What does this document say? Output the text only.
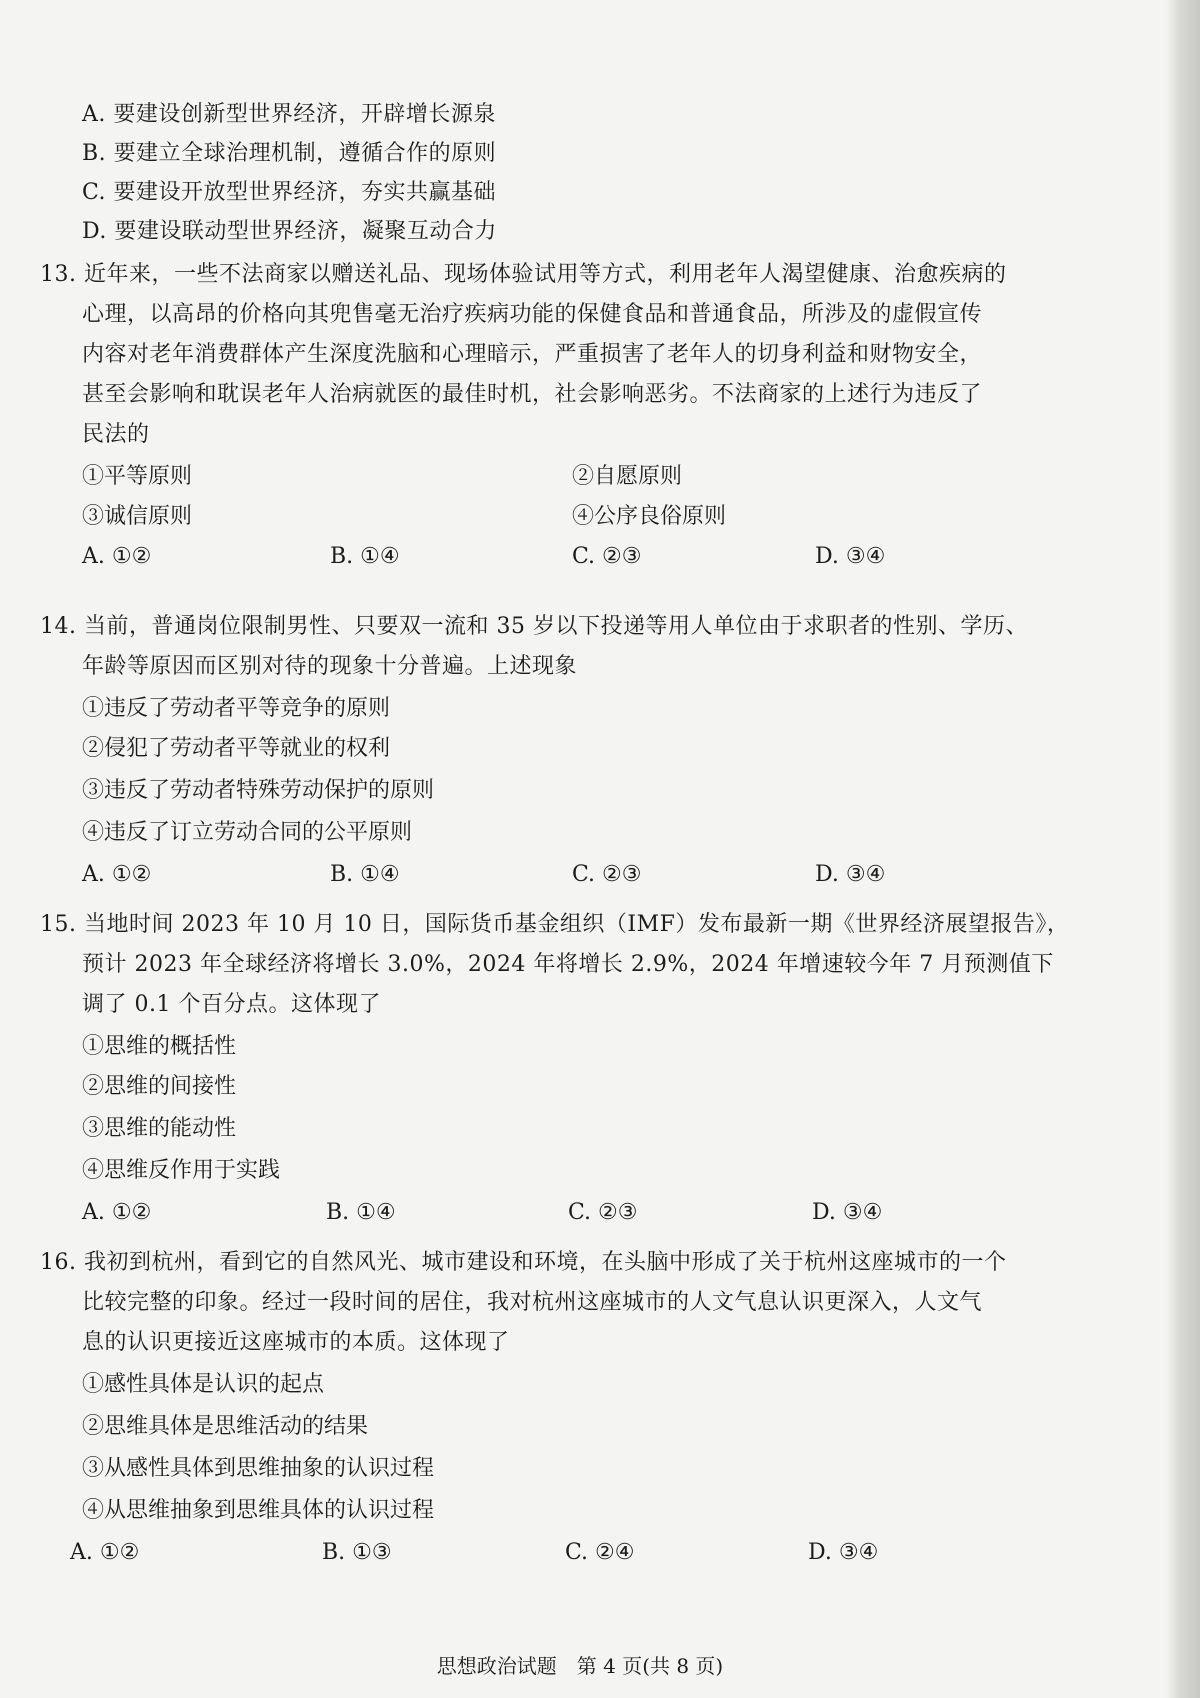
A. 要建设创新型世界经济，开辟增长源泉
B. 要建立全球治理机制，遵循合作的原则
C. 要建设开放型世界经济，夯实共赢基础
D. 要建设联动型世界经济，凝聚互动合力
13. 近年来，一些不法商家以赠送礼品、现场体验试用等方式，利用老年人渴望健康、治愈疾病的
心理，以高昂的价格向其兜售毫无治疗疾病功能的保健食品和普通食品，所涉及的虚假宣传
内容对老年消费群体产生深度洗脑和心理暗示，严重损害了老年人的切身利益和财物安全，
甚至会影响和耽误老年人治病就医的最佳时机，社会影响恶劣。不法商家的上述行为违反了
民法的
①平等原则	②自愿原则
③诚信原则	④公序良俗原则
A. ①②	B. ①④	C. ②③	D. ③④
14. 当前，普通岗位限制男性、只要双一流和 35 岁以下投递等用人单位由于求职者的性别、学历、
年龄等原因而区别对待的现象十分普遍。上述现象
①违反了劳动者平等竞争的原则
②侵犯了劳动者平等就业的权利
③违反了劳动者特殊劳动保护的原则
④违反了订立劳动合同的公平原则
A. ①②	B. ①④	C. ②③	D. ③④
15. 当地时间 2023 年 10 月 10 日，国际货币基金组织（IMF）发布最新一期《世界经济展望报告》，
预计 2023 年全球经济将增长 3.0%，2024 年将增长 2.9%，2024 年增速较今年 7 月预测值下
调了 0.1 个百分点。这体现了
①思维的概括性
②思维的间接性
③思维的能动性
④思维反作用于实践
A. ①②	B. ①④	C. ②③	D. ③④
16. 我初到杭州，看到它的自然风光、城市建设和环境，在头脑中形成了关于杭州这座城市的一个
比较完整的印象。经过一段时间的居住，我对杭州这座城市的人文气息认识更深入，人文气
息的认识更接近这座城市的本质。这体现了
①感性具体是认识的起点
②思维具体是思维活动的结果
③从感性具体到思维抽象的认识过程
④从思维抽象到思维具体的认识过程
A. ①②	B. ①③	C. ②④	D. ③④
思想政治试题　第 4 页(共 8 页)
